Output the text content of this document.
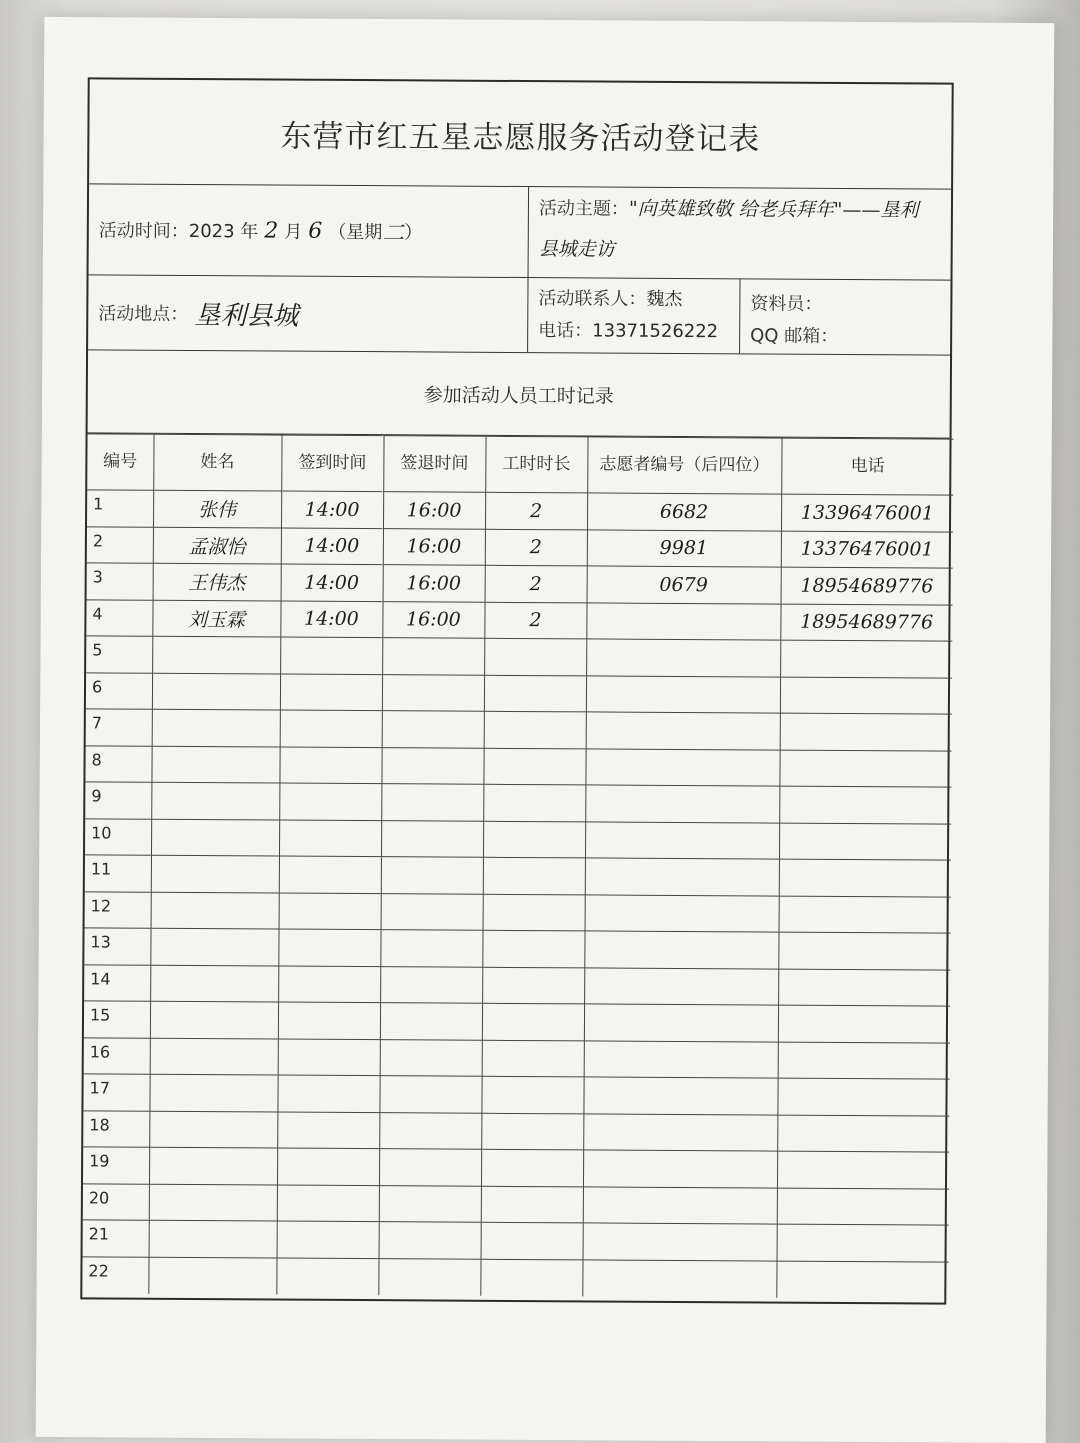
东营市红五星志愿服务活动登记表
活动时间： 2023 年 2 月 6 （星期 二 ）
活动主题："向英雄致敬 给老兵拜年"——垦利
县城走访
活动地点： 垦利县城
活动联系人：魏杰
电话：13371526222
资料员：
QQ 邮箱：
参加活动人员工时记录
编号	姓名	签到时间	签退时间	工时时长	志愿者编号（后四位）	电话
1	张伟	14:00	16:00	2	6682	13396476001
2	孟淑怡	14:00	16:00	2	9981	13376476001
3	王伟杰	14:00	16:00	2	0679	18954689776
4	刘玉霖	14:00	16:00	2		18954689776
5						
6						
7						
8						
9						
10						
11						
12						
13						
14						
15						
16						
17						
18						
19						
20						
21						
22						
